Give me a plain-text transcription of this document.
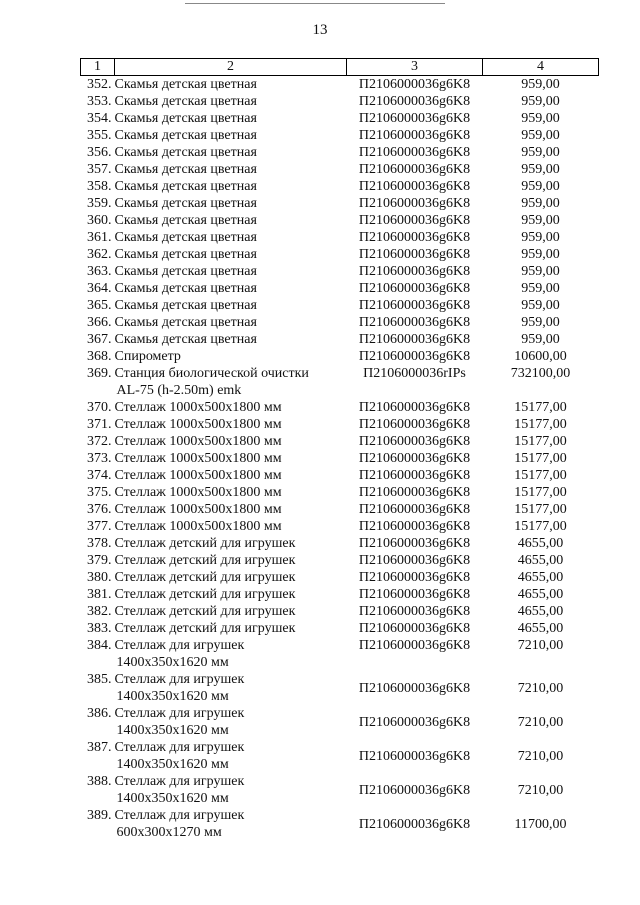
13
1	2	3	4
352.	Скамья детская цветная	П2106000036g6K8	959,00
353.	Скамья детская цветная	П2106000036g6K8	959,00
354.	Скамья детская цветная	П2106000036g6K8	959,00
355.	Скамья детская цветная	П2106000036g6K8	959,00
356.	Скамья детская цветная	П2106000036g6K8	959,00
357.	Скамья детская цветная	П2106000036g6K8	959,00
358.	Скамья детская цветная	П2106000036g6K8	959,00
359.	Скамья детская цветная	П2106000036g6K8	959,00
360.	Скамья детская цветная	П2106000036g6K8	959,00
361.	Скамья детская цветная	П2106000036g6K8	959,00
362.	Скамья детская цветная	П2106000036g6K8	959,00
363.	Скамья детская цветная	П2106000036g6K8	959,00
364.	Скамья детская цветная	П2106000036g6K8	959,00
365.	Скамья детская цветная	П2106000036g6K8	959,00
366.	Скамья детская цветная	П2106000036g6K8	959,00
367.	Скамья детская цветная	П2106000036g6K8	959,00
368.	Спирометр	П2106000036g6K8	10600,00
369.	Станция биологической очистки
AL-75 (h-2.50m) emk	П2106000036rIPs	732100,00
370.	Стеллаж 1000х500х1800 мм	П2106000036g6K8	15177,00
371.	Стеллаж 1000х500х1800 мм	П2106000036g6K8	15177,00
372.	Стеллаж 1000х500х1800 мм	П2106000036g6K8	15177,00
373.	Стеллаж 1000х500х1800 мм	П2106000036g6K8	15177,00
374.	Стеллаж 1000х500х1800 мм	П2106000036g6K8	15177,00
375.	Стеллаж 1000х500х1800 мм	П2106000036g6K8	15177,00
376.	Стеллаж 1000х500х1800 мм	П2106000036g6K8	15177,00
377.	Стеллаж 1000х500х1800 мм	П2106000036g6K8	15177,00
378.	Стеллаж детский для игрушек	П2106000036g6K8	4655,00
379.	Стеллаж детский для игрушек	П2106000036g6K8	4655,00
380.	Стеллаж детский для игрушек	П2106000036g6K8	4655,00
381.	Стеллаж детский для игрушек	П2106000036g6K8	4655,00
382.	Стеллаж детский для игрушек	П2106000036g6K8	4655,00
383.	Стеллаж детский для игрушек	П2106000036g6K8	4655,00
384.	Стеллаж для игрушек
1400х350х1620 мм	П2106000036g6K8	7210,00
385.	Стеллаж для игрушек
1400х350х1620 мм	П2106000036g6K8	7210,00
386.	Стеллаж для игрушек
1400х350х1620 мм	П2106000036g6K8	7210,00
387.	Стеллаж для игрушек
1400х350х1620 мм	П2106000036g6K8	7210,00
388.	Стеллаж для игрушек
1400х350х1620 мм	П2106000036g6K8	7210,00
389.	Стеллаж для игрушек
600х300х1270 мм	П2106000036g6K8	11700,00
